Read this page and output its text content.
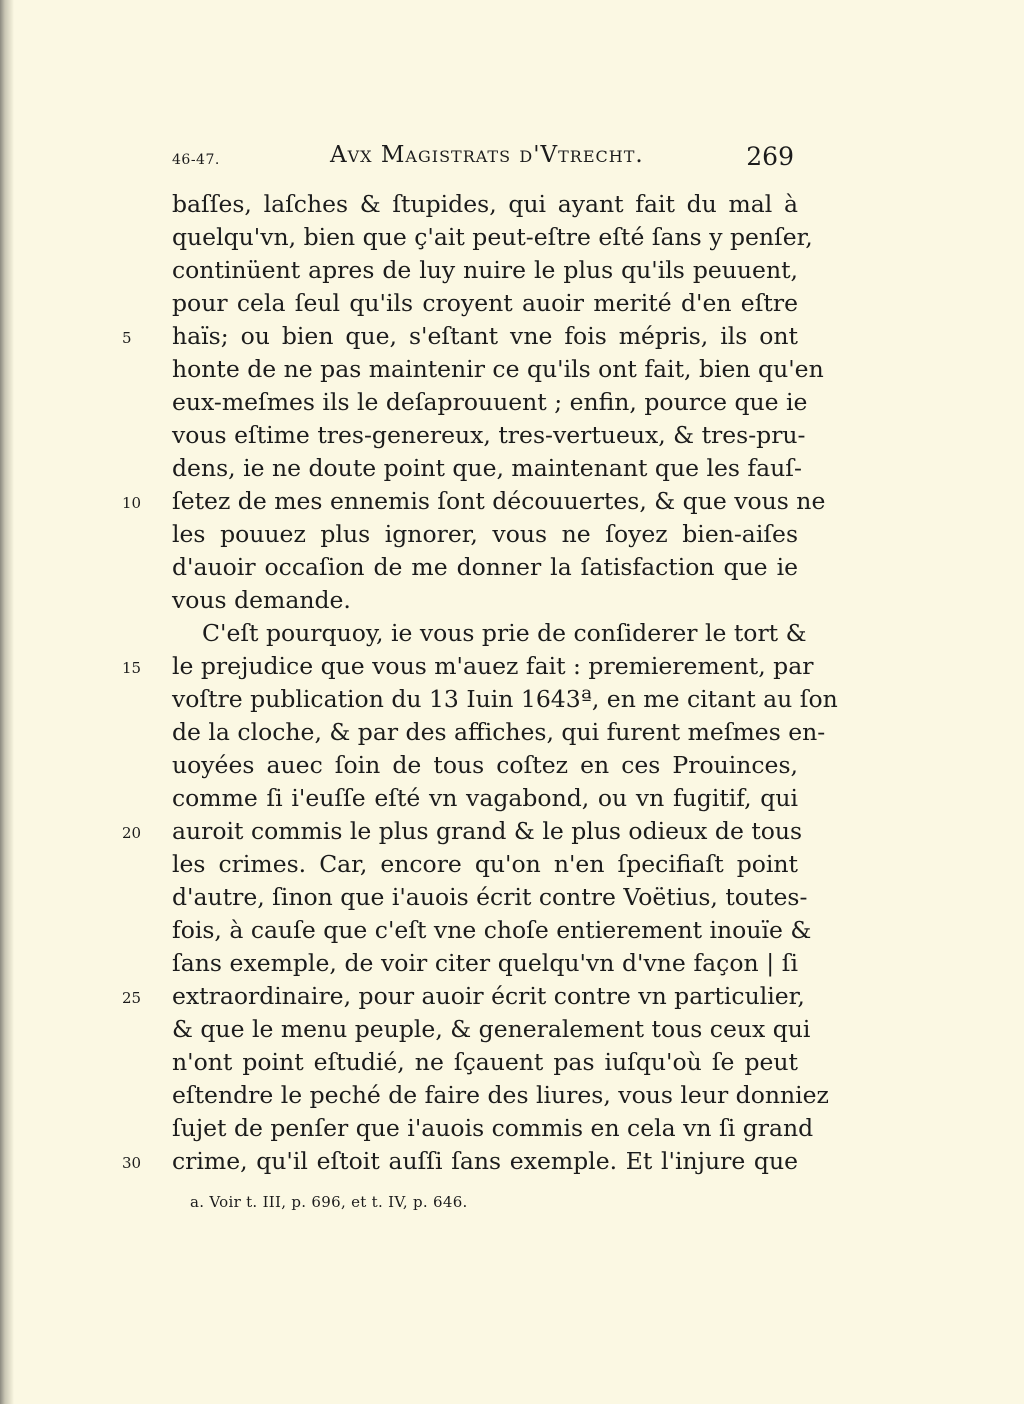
46-47.	Avx Magistrats d'Vtrecht.	269
baſſes, laſches & ſtupides, qui ayant fait du mal à
quelqu'vn, bien que ç'ait peut-eſtre eſté ſans y penſer,
continüent apres de luy nuire le plus qu'ils peuuent,
pour cela ſeul qu'ils croyent auoir merité d'en eſtre
haïs; ou bien que, s'eſtant vne fois mépris, ils ont
honte de ne pas maintenir ce qu'ils ont fait, bien qu'en
eux-meſmes ils le deſaprouuent ; enfin, pource que ie
vous eſtime tres-genereux, tres-vertueux, & tres-pru-
dens, ie ne doute point que, maintenant que les fauſ-
ſetez de mes ennemis ſont découuertes, & que vous ne
les pouuez plus ignorer, vous ne ſoyez bien-aiſes
d'auoir occaſion de me donner la ſatisfaction que ie
vous demande.
C'eſt pourquoy, ie vous prie de conſiderer le tort &
le prejudice que vous m'auez fait : premierement, par
voſtre publication du 13 Iuin 1643ª, en me citant au ſon
de la cloche, & par des affiches, qui furent meſmes en-
uoyées auec ſoin de tous coſtez en ces Prouinces,
comme ſi i'euſſe eſté vn vagabond, ou vn fugitif, qui
auroit commis le plus grand & le plus odieux de tous
les crimes. Car, encore qu'on n'en ſpecifiaſt point
d'autre, ſinon que i'auois écrit contre Voëtius, toutes-
fois, à cauſe que c'eſt vne choſe entierement inouïe &
ſans exemple, de voir citer quelqu'vn d'vne façon | ſi
extraordinaire, pour auoir écrit contre vn particulier,
& que le menu peuple, & generalement tous ceux qui
n'ont point eſtudié, ne ſçauent pas iuſqu'où ſe peut
eſtendre le peché de faire des liures, vous leur donniez
ſujet de penſer que i'auois commis en cela vn ſi grand
crime, qu'il eſtoit auſſi ſans exemple. Et l'injure que
5
10
15
20
25
30
a. Voir t. III, p. 696, et t. IV, p. 646.
